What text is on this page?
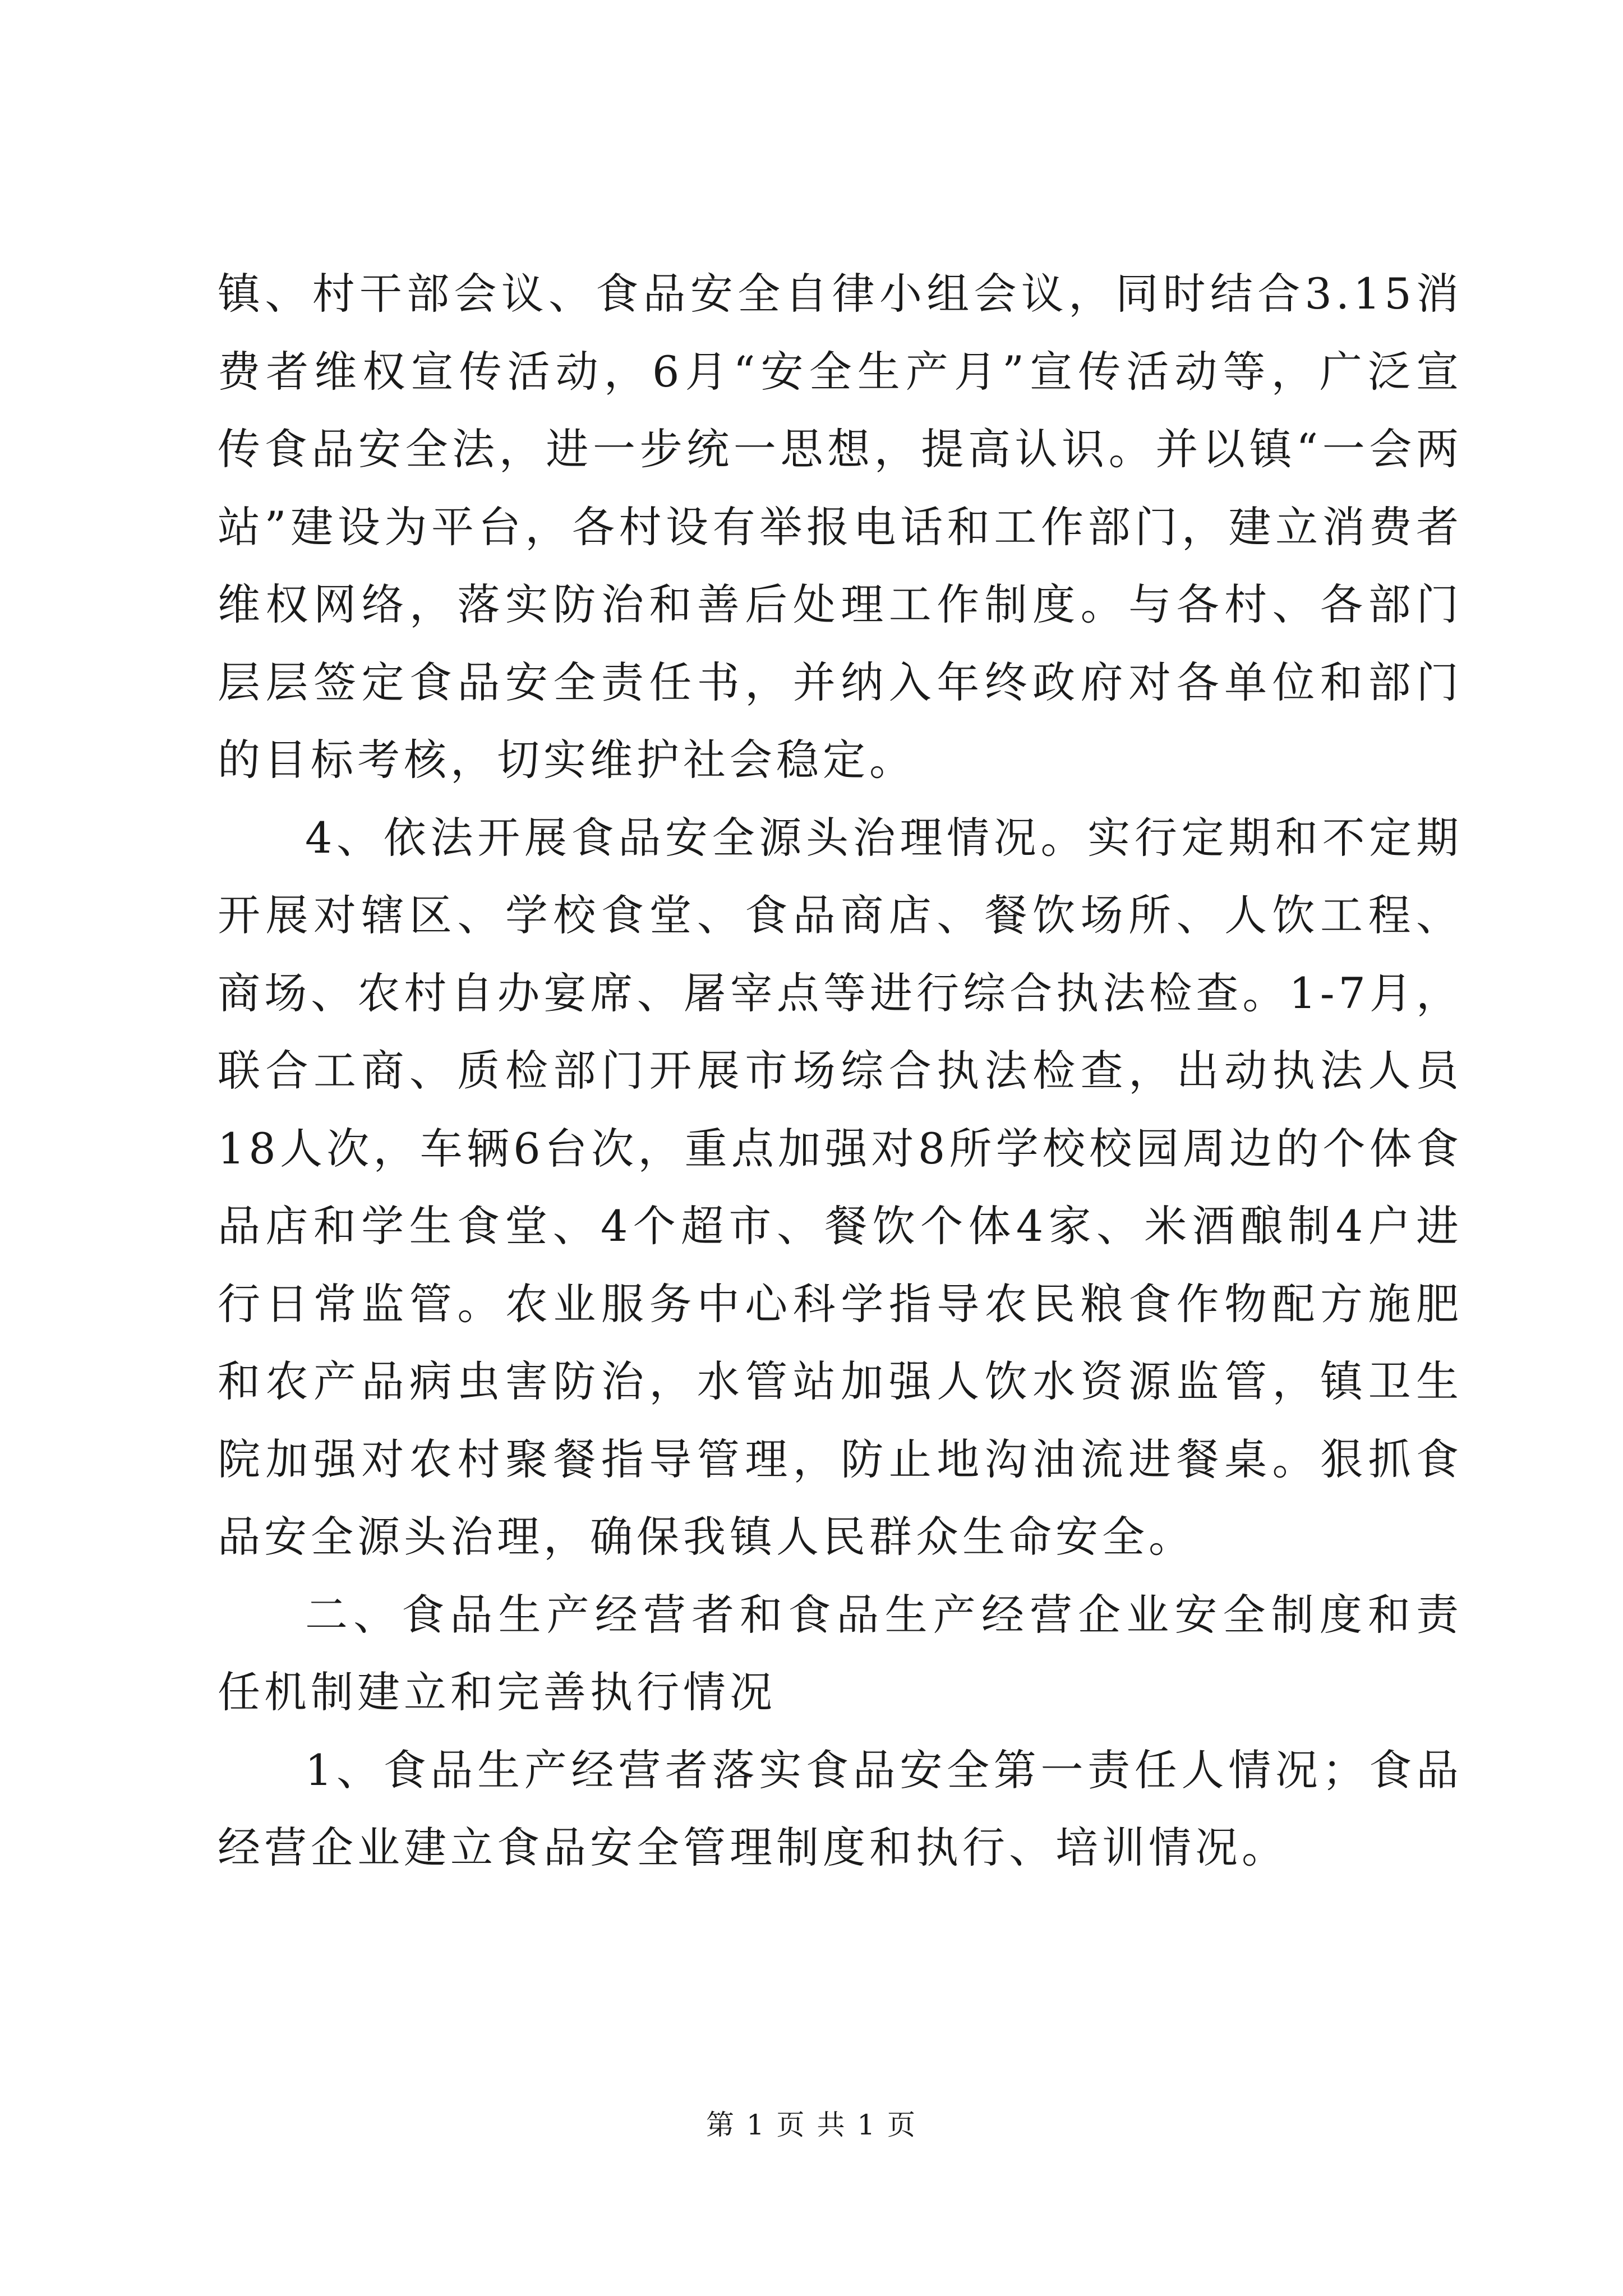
镇、村干部会议、食品安全自律小组会议，同时结合3.15消费者维权宣传活动，6月“安全生产月”宣传活动等，广泛宣传食品安全法，进一步统一思想，提高认识。并以镇“一会两站”建设为平台，各村设有举报电话和工作部门，建立消费者维权网络，落实防治和善后处理工作制度。与各村、各部门层层签定食品安全责任书，并纳入年终政府对各单位和部门的目标考核，切实维护社会稳定。

4、依法开展食品安全源头治理情况。实行定期和不定期开展对辖区、学校食堂、食品商店、餐饮场所、人饮工程、商场、农村自办宴席、屠宰点等进行综合执法检查。1-7月，联合工商、质检部门开展市场综合执法检查，出动执法人员18人次，车辆6台次，重点加强对8所学校校园周边的个体食品店和学生食堂、4个超市、餐饮个体4家、米酒酿制4户进行日常监管。农业服务中心科学指导农民粮食作物配方施肥和农产品病虫害防治，水管站加强人饮水资源监管，镇卫生院加强对农村聚餐指导管理，防止地沟油流进餐桌。狠抓食品安全源头治理，确保我镇人民群众生命安全。

二、食品生产经营者和食品生产经营企业安全制度和责任机制建立和完善执行情况

1、食品生产经营者落实食品安全第一责任人情况；食品经营企业建立食品安全管理制度和执行、培训情况。

第 1 页 共 1 页
